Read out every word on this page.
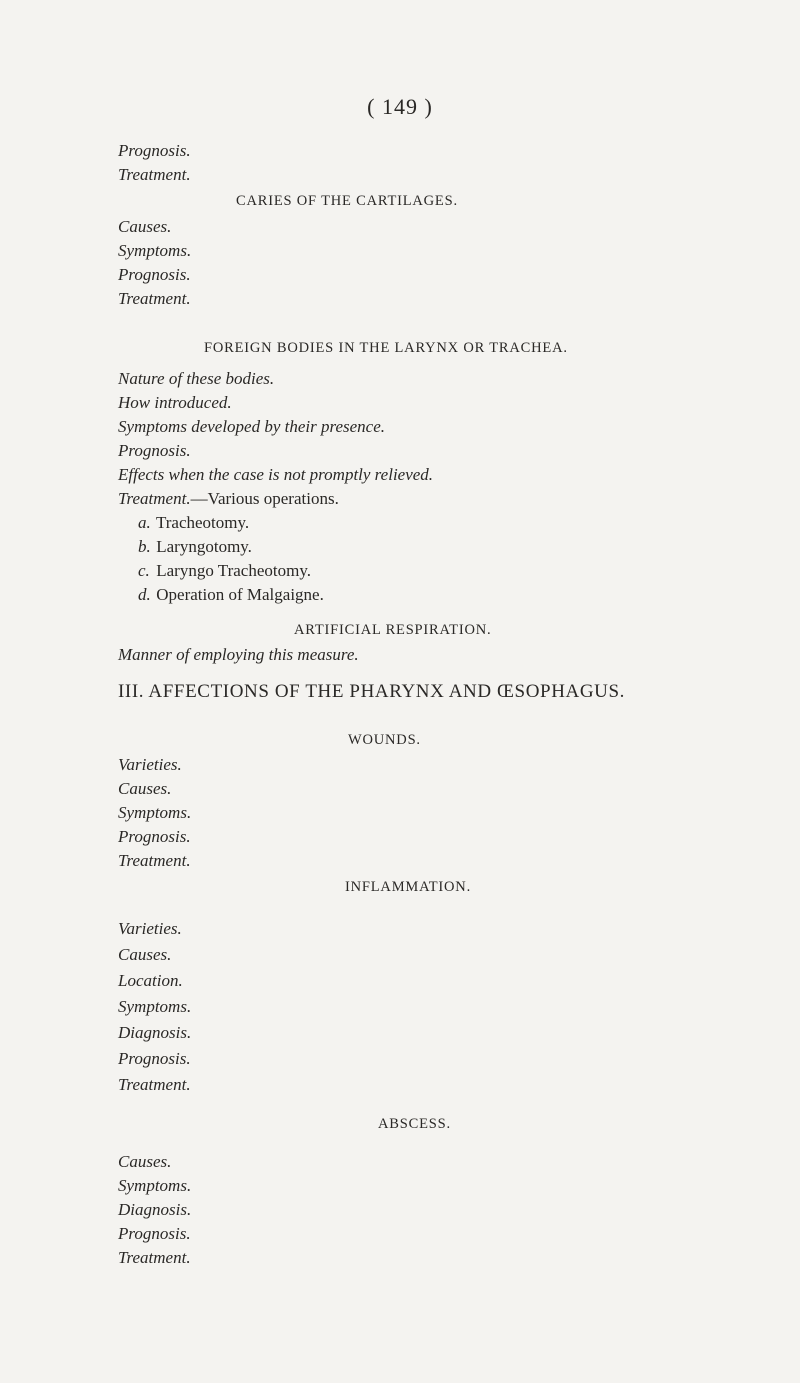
( 149 )
Prognosis.
Treatment.
CARIES OF THE CARTILAGES.
Causes.
Symptoms.
Prognosis.
Treatment.
FOREIGN BODIES IN THE LARYNX OR TRACHEA.
Nature of these bodies.
How introduced.
Symptoms developed by their presence.
Prognosis.
Effects when the case is not promptly relieved.
Treatment.—Various operations.
a. Tracheotomy.
b. Laryngotomy.
c. Laryngo Tracheotomy.
d. Operation of Malgaigne.
ARTIFICIAL RESPIRATION.
Manner of employing this measure.
III. AFFECTIONS OF THE PHARYNX AND ŒSOPHAGUS.
WOUNDS.
Varieties.
Causes.
Symptoms.
Prognosis.
Treatment.
INFLAMMATION.
Varieties.
Causes.
Location.
Symptoms.
Diagnosis.
Prognosis.
Treatment.
ABSCESS.
Causes.
Symptoms.
Diagnosis.
Prognosis.
Treatment.
